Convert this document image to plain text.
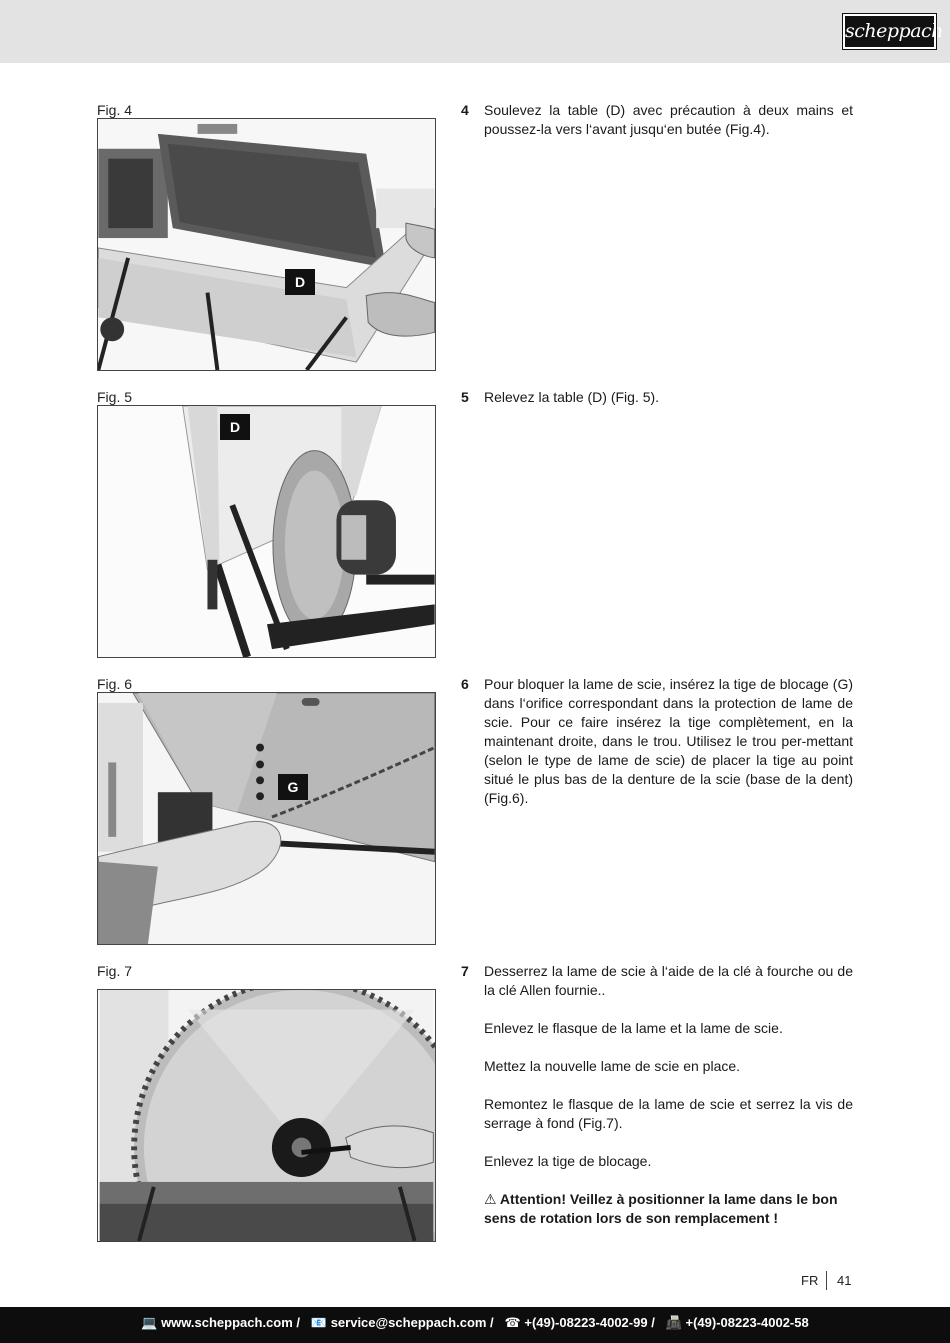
scheppach
Fig. 4
D
Fig. 5
D
Fig. 6
G
Fig. 7
4 Soulevez la table (D) avec précaution à deux mains et poussez-la vers l‘avant jusqu‘en butée (Fig.4).

5 Relevez la table (D) (Fig. 5).

6 Pour bloquer la lame de scie, insérez la tige de blocage (G) dans l‘orifice correspondant dans la protection de lame de scie. Pour ce faire insérez la tige complètement, en la maintenant droite, dans le trou. Utilisez le trou per-mettant (selon le type de lame de scie) de placer la tige au point situé le plus bas de la denture de la scie (base de la dent) (Fig.6).

7 Desserrez la lame de scie à l‘aide de la clé à fourche ou de la clé Allen fournie..

Enlevez le flasque de la lame et la lame de scie.

Mettez la nouvelle lame de scie en place.

Remontez le flasque de la lame de scie et serrez la vis de serrage à fond (Fig.7).

Enlevez la tige de blocage.

⚠ Attention! Veillez à positionner la lame dans le bon sens de rotation lors de son remplacement !

FR 41
💻 www.scheppach.com / 📧 service@scheppach.com / ☎ +(49)-08223-4002-99 / 📠 +(49)-08223-4002-58
